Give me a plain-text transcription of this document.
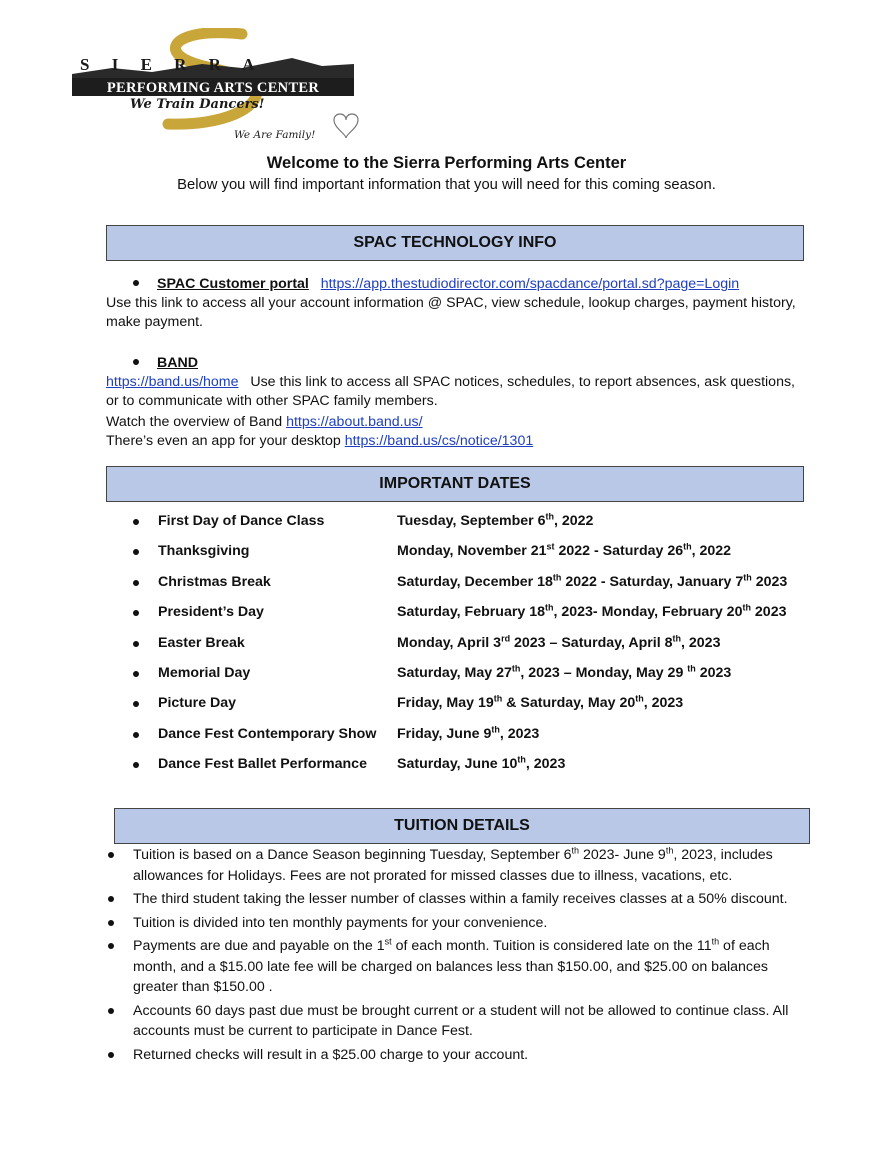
S I E R R A
PERFORMING ARTS CENTER
We Train Dancers!
We Are Family!
Welcome to the Sierra Performing Arts Center
Below you will find important information that you will need for this coming season.
SPAC TECHNOLOGY INFO
SPAC Customer portal https://app.thestudiodirector.com/spacdance/portal.sd?page=Login
Use this link to access all your account information @ SPAC, view schedule, lookup charges, payment history, make payment.
BAND
https://band.us/home Use this link to access all SPAC notices, schedules, to report absences, ask questions, or to communicate with other SPAC family members.
Watch the overview of Band https://about.band.us/
There’s even an app for your desktop https://band.us/cs/notice/1301
IMPORTANT DATES
First Day of Dance Class	Tuesday, September 6th, 2022
Thanksgiving	Monday, November 21st 2022 - Saturday 26th, 2022
Christmas Break	Saturday, December 18th 2022 - Saturday, January 7th 2023
President’s Day	Saturday, February 18th, 2023- Monday, February 20th 2023
Easter Break	Monday, April 3rd 2023 – Saturday, April 8th, 2023
Memorial Day	Saturday, May 27th, 2023 – Monday, May 29 $^{th}$ 2023
Picture Day	Friday, May 19th & Saturday, May 20th, 2023
Dance Fest Contemporary Show Friday, June 9th, 2023
Dance Fest Ballet Performance Saturday, June 10th, 2023
TUITION DETAILS
Tuition is based on a Dance Season beginning Tuesday, September 6th 2023- June 9th, 2023, includes allowances for Holidays. Fees are not prorated for missed classes due to illness, vacations, etc.
The third student taking the lesser number of classes within a family receives classes at a 50% discount.
Tuition is divided into ten monthly payments for your convenience.
Payments are due and payable on the 1st of each month. Tuition is considered late on the 11th of each month, and a $15.00 late fee will be charged on balances less than $150.00, and $25.00 on balances greater than $150.00 .
Accounts 60 days past due must be brought current or a student will not be allowed to continue class. All accounts must be current to participate in Dance Fest.
Returned checks will result in a $25.00 charge to your account.
